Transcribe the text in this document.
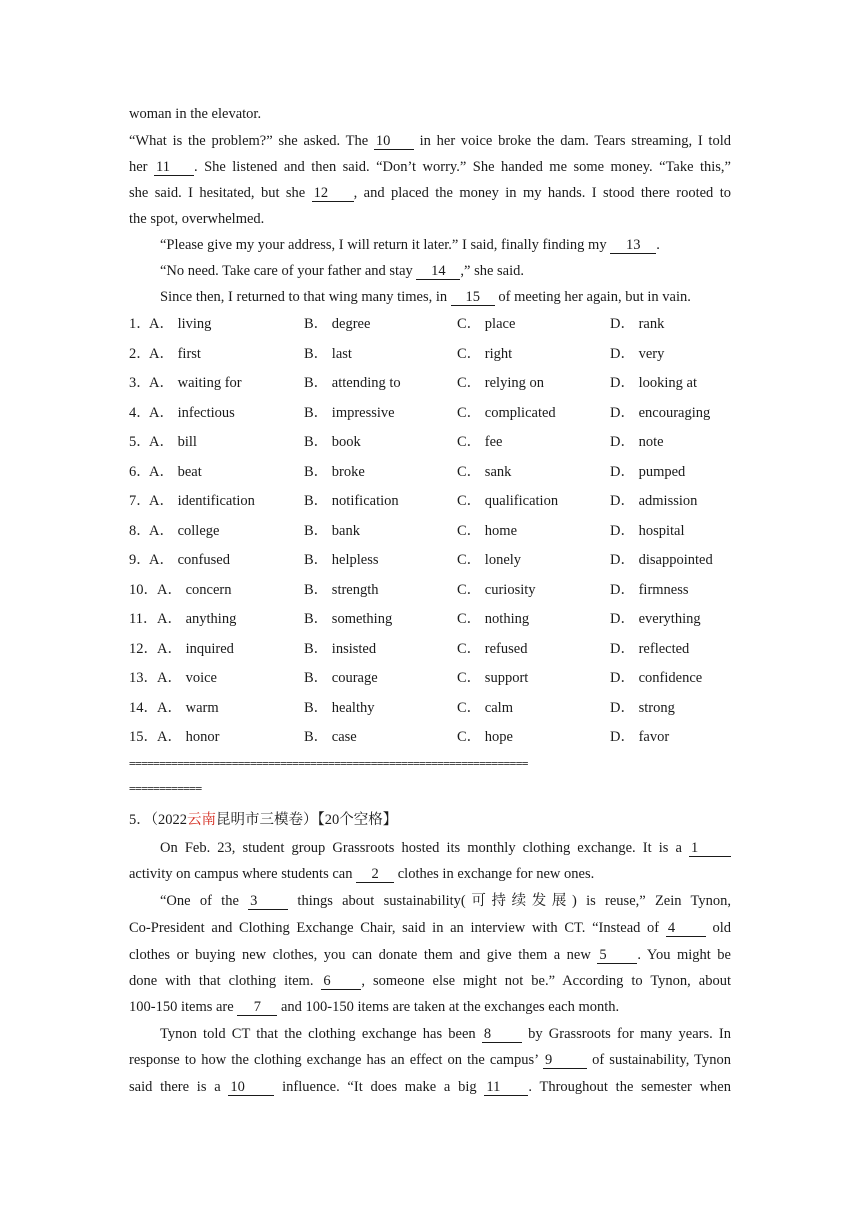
woman in the elevator.
“What is the problem?” she asked. The 10 in her voice broke the dam. Tears streaming, I told
her 11 . She listened and then said. “Don’t worry.” She handed me some money. “Take this,”
she said. I hesitated, but she 12 , and placed the money in my hands. I stood there rooted to
the spot, overwhelmed.
“Please give my your address, I will return it later.” I said, finally finding my 13 .
“No need. Take care of your father and stay 14 ,” she said.
Since then, I returned to that wing many times, in 15 of meeting her again, but in vain.
1．
A． living	B． degree	C． place	D． rank
2．
A． first	B． last	C． right	D． very
3．
A． waiting for	B． attending to	C． relying on	D． looking at
4．
A． infectious	B． impressive	C． complicated	D． encouraging
5．
A． bill	B． book	C． fee	D． note
6．
A． beat	B． broke	C． sank	D． pumped
7．
A． identification	B． notification	C． qualification	D． admission
8．
A． college	B． bank	C． home	D． hospital
9．
A． confused	B． helpless	C． lonely	D． disappointed
10． A． concern	B． strength	C． curiosity	D． firmness
11． A． anything	B． something	C． nothing	D． everything
12． A． inquired	B． insisted	C． refused	D． reflected
13． A． voice	B． courage	C． support	D． confidence
14． A． warm	B． healthy	C． calm	D． strong
15． A． honor	B． case	C． hope	D． favor
==================================================================
============
5．（2022云南昆明市三模卷）【20个空格】
On Feb. 23, student group Grassroots hosted its monthly clothing exchange. It is a 1
activity on campus where students can 2 clothes in exchange for new ones.
“One of the 3 things about sustainability(可持续发展) is reuse,” Zein Tynon,
Co-President and Clothing Exchange Chair, said in an interview with CT. “Instead of 4 old
clothes or buying new clothes, you can donate them and give them a new 5 . You might be
done with that clothing item. 6 , someone else might not be.” According to Tynon, about
100-150 items are 7 and 100-150 items are taken at the exchanges each month.
Tynon told CT that the clothing exchange has been 8 by Grassroots for many years. In
response to how the clothing exchange has an effect on the campus’ 9 of sustainability, Tynon
said there is a 10 influence. “It does make a big 11 . Throughout the semester when
